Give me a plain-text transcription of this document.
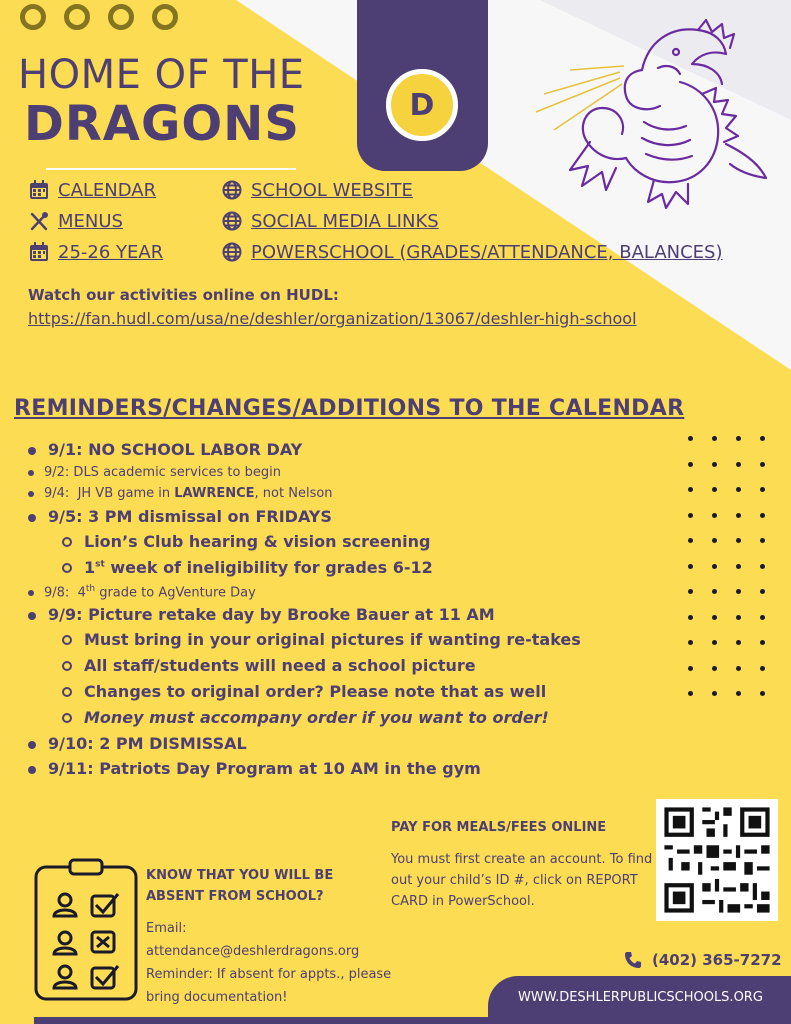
HOME OF THE
DRAGONS	D
CALENDAR	SCHOOL WEBSITE
MENUS	SOCIAL MEDIA LINKS
25-26 YEAR	POWERSCHOOL (GRADES/ATTENDANCE, BALANCES)
Watch our activities online on HUDL:
https://fan.hudl.com/usa/ne/deshler/organization/13067/deshler-high-school
REMINDERS/CHANGES/ADDITIONS TO THE CALENDAR
9/1: NO SCHOOL LABOR DAY
9/2: DLS academic services to begin
9/4:  JH VB game in LAWRENCE, not Nelson
9/5: 3 PM dismissal on FRIDAYS
Lion’s Club hearing & vision screening
1st week of ineligibility for grades 6-12
9/8:  4th grade to AgVenture Day
9/9: Picture retake day by Brooke Bauer at 11 AM
Must bring in your original pictures if wanting re-takes
All staff/students will need a school picture
Changes to original order? Please note that as well
Money must accompany order if you want to order!
9/10: 2 PM DISMISSAL
9/11: Patriots Day Program at 10 AM in the gym
PAY FOR MEALS/FEES ONLINE
You must first create an account. To find out your child’s ID #, click on REPORT CARD in PowerSchool.
KNOW THAT YOU WILL BE ABSENT FROM SCHOOL?
Email:
attendance@deshlerdragons.org
Reminder: If absent for appts., please bring documentation!
(402) 365-7272
WWW.DESHLERPUBLICSCHOOLS.ORG
